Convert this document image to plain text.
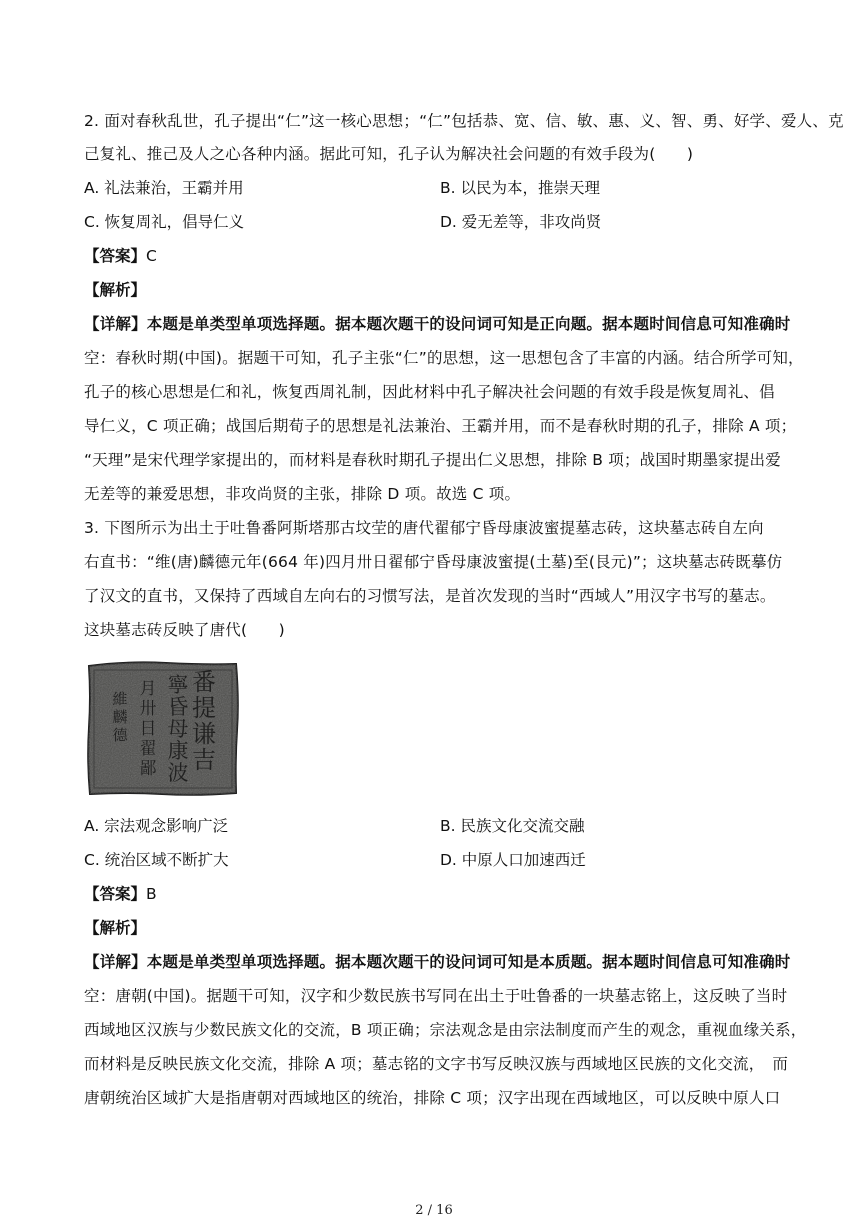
2. 面对春秋乱世，孔子提出“仁”这一核心思想；“仁”包括恭、宽、信、敏、惠、义、智、勇、好学、爱人、克
己复礼、推己及人之心各种内涵。据此可知，孔子认为解决社会问题的有效手段为(　　)
A. 礼法兼治，王霸并用	B. 以民为本，推崇天理
C. 恢复周礼，倡导仁义	D. 爱无差等，非攻尚贤
【答案】C
【解析】
【详解】本题是单类型单项选择题。据本题次题干的设问词可知是正向题。据本题时间信息可知准确时
空：春秋时期(中国)。据题干可知，孔子主张“仁”的思想，这一思想包含了丰富的内涵。结合所学可知，
孔子的核心思想是仁和礼，恢复西周礼制，因此材料中孔子解决社会问题的有效手段是恢复周礼、倡
导仁义，C 项正确；战国后期荀子的思想是礼法兼治、王霸并用，而不是春秋时期的孔子，排除 A 项；
“天理”是宋代理学家提出的，而材料是春秋时期孔子提出仁义思想，排除 B 项；战国时期墨家提出爱
无差等的兼爱思想，非攻尚贤的主张，排除 D 项。故选 C 项。
3. 下图所示为出土于吐鲁番阿斯塔那古坟茔的唐代翟郁宁昏母康波蜜提墓志砖，这块墓志砖自左向
右直书：“维(唐)麟德元年(664 年)四月卅日翟郁宁昏母康波蜜提(土墓)至(艮元)”；这块墓志砖既摹仿
了汉文的直书，又保持了西域自左向右的习惯写法，是首次发现的当时“西域人”用汉字书写的墓志。
这块墓志砖反映了唐代(　　)
番
提
谦
吉
寧
昏
母
康
波
月
卅
日
翟
鄙
維
麟
德
A. 宗法观念影响广泛	B. 民族文化交流交融
C. 统治区域不断扩大	D. 中原人口加速西迁
【答案】B
【解析】
【详解】本题是单类型单项选择题。据本题次题干的设问词可知是本质题。据本题时间信息可知准确时
空：唐朝(中国)。据题干可知，汉字和少数民族书写同在出土于吐鲁番的一块墓志铭上，这反映了当时
西域地区汉族与少数民族文化的交流，B 项正确；宗法观念是由宗法制度而产生的观念，重视血缘关系，
而材料是反映民族文化交流，排除 A 项；墓志铭的文字书写反映汉族与西域地区民族的文化交流，　而
唐朝统治区域扩大是指唐朝对西域地区的统治，排除 C 项；汉字出现在西域地区，可以反映中原人口
2 / 16
